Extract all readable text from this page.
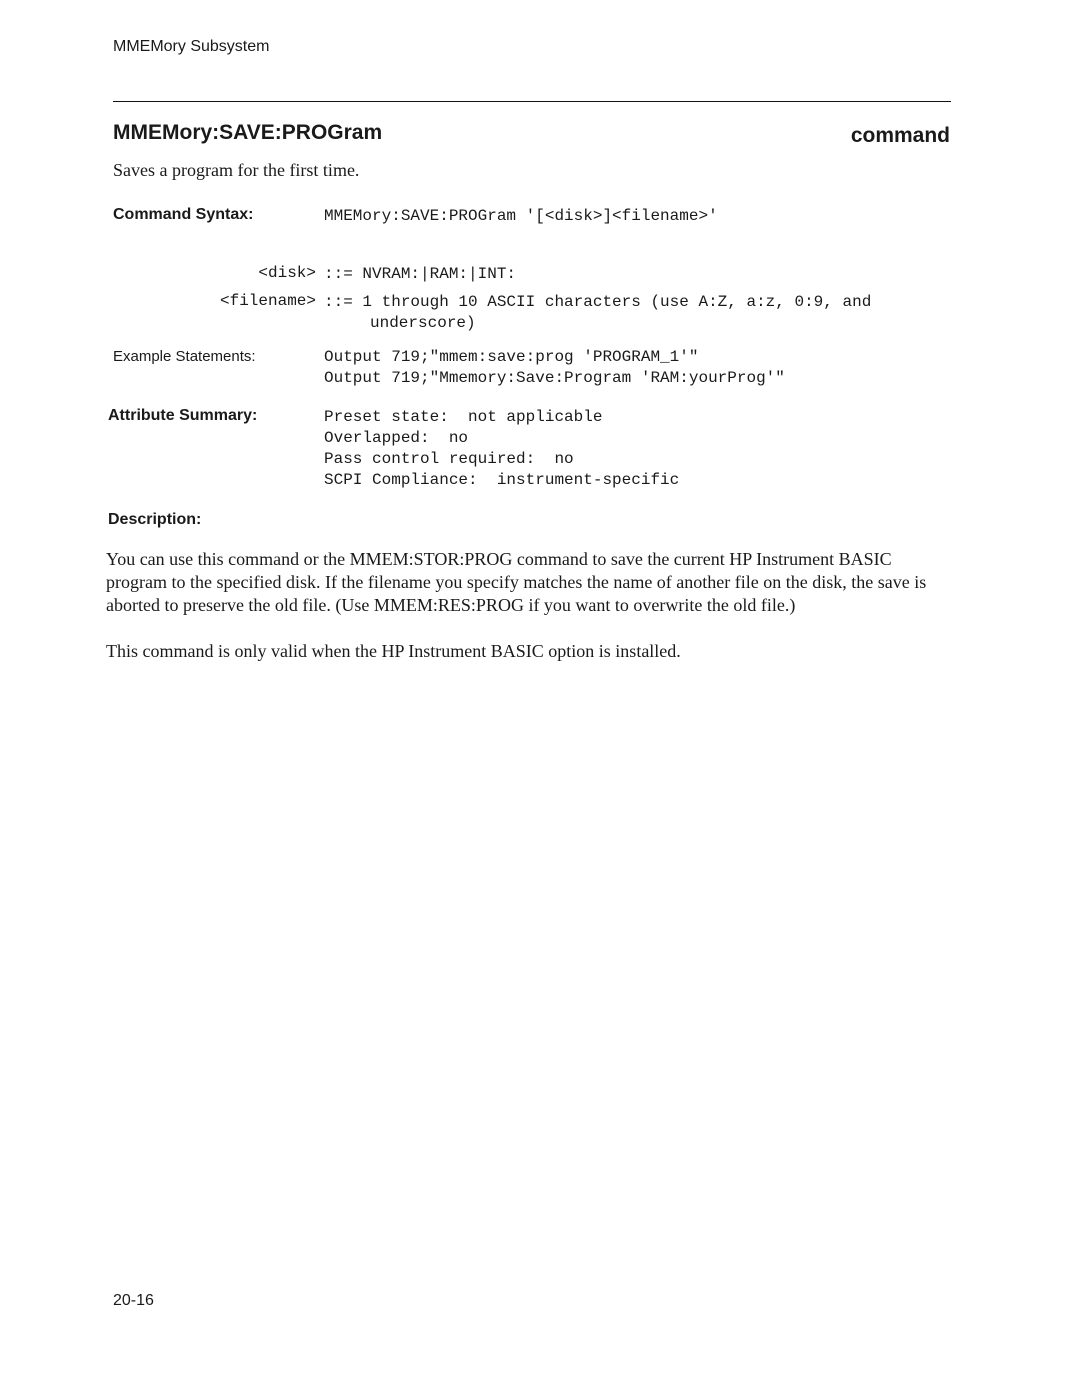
MMEMory Subsystem
MMEMory:SAVE:PROGram	command
Saves a program for the first time.
Command Syntax:	MMEMory:SAVE:PROGram '[<disk>]<filename>'
<disk> ::= NVRAM:|RAM:|INT:
<filename> ::= 1 through 10 ASCII characters (use A:Z, a:z, 0:9, and
underscore)
Example Statements:	Output 719;"mmem:save:prog 'PROGRAM_1'"
Output 719;"Mmemory:Save:Program 'RAM:yourProg'"
Attribute Summary:	Preset state:  not applicable
Overlapped:  no
Pass control required:  no
SCPI Compliance:  instrument-specific
Description:

You can use this command or the MMEM:STOR:PROG command to save the current HP Instrument BASIC program to the specified disk. If the filename you specify matches the name of another file on the disk, the save is aborted to preserve the old file. (Use MMEM:RES:PROG if you want to overwrite the old file.)

This command is only valid when the HP Instrument BASIC option is installed.

20-16
